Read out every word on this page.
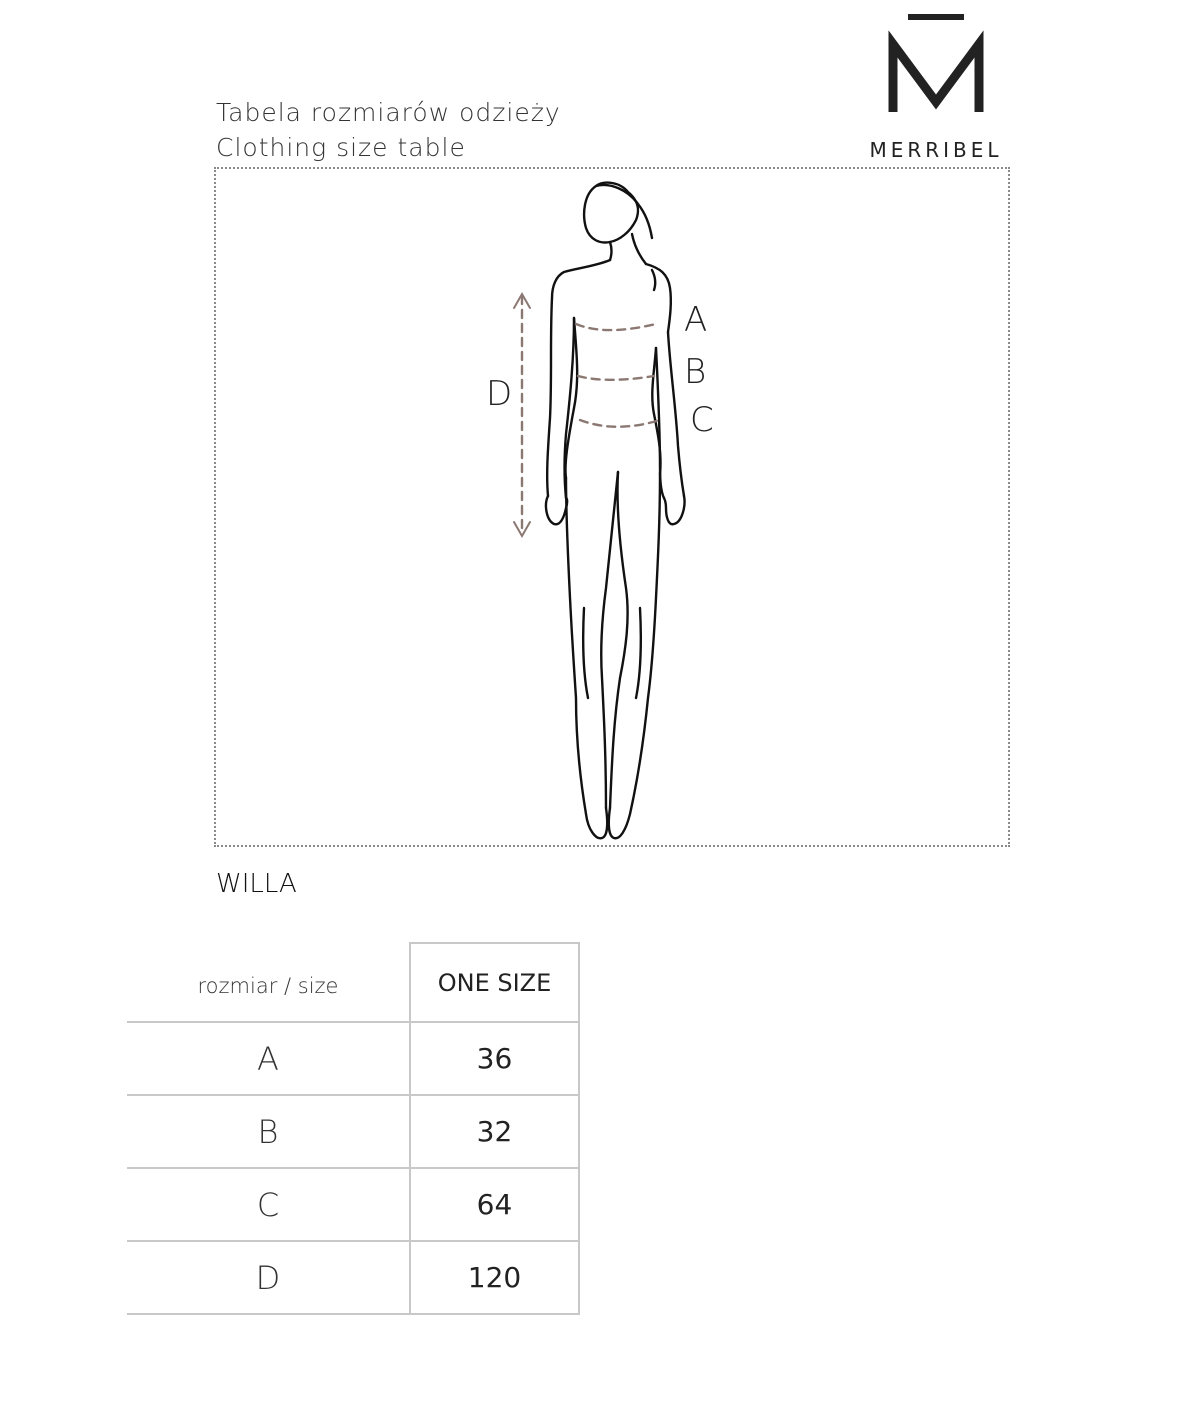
MERRIBEL
Tabela rozmiarów odzieży
Clothing size table
A
B
C
D
WILLA
rozmiar / size	ONE SIZE
A	36
B	32
C	64
D	120
